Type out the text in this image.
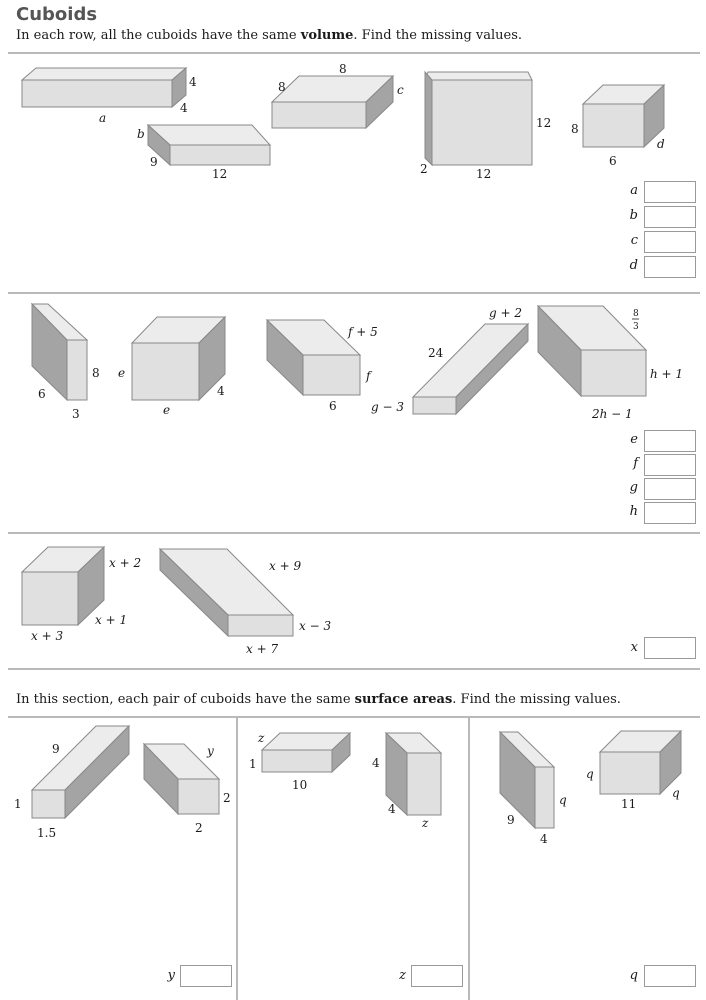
Cuboids
In each row, all the cuboids have the same volume. Find the missing values.
In this section, each pair of cuboids have the same surface areas. Find the missing values.
4
4
a
b
9
12
8
8
c
12
2	12
8
6
d
6
8
3
e
4
e
f + 5
f
6
24
g + 2
g − 3
8
3
h + 1
2h − 1
x + 2
x + 1
x + 3
x + 9
x − 3
x + 7
9
1
1.5
y
2
2
z
1
10
4
4
z	9
q
4
q
11
q
a
b
c
d
e
f
g
h
x
y	z	q
